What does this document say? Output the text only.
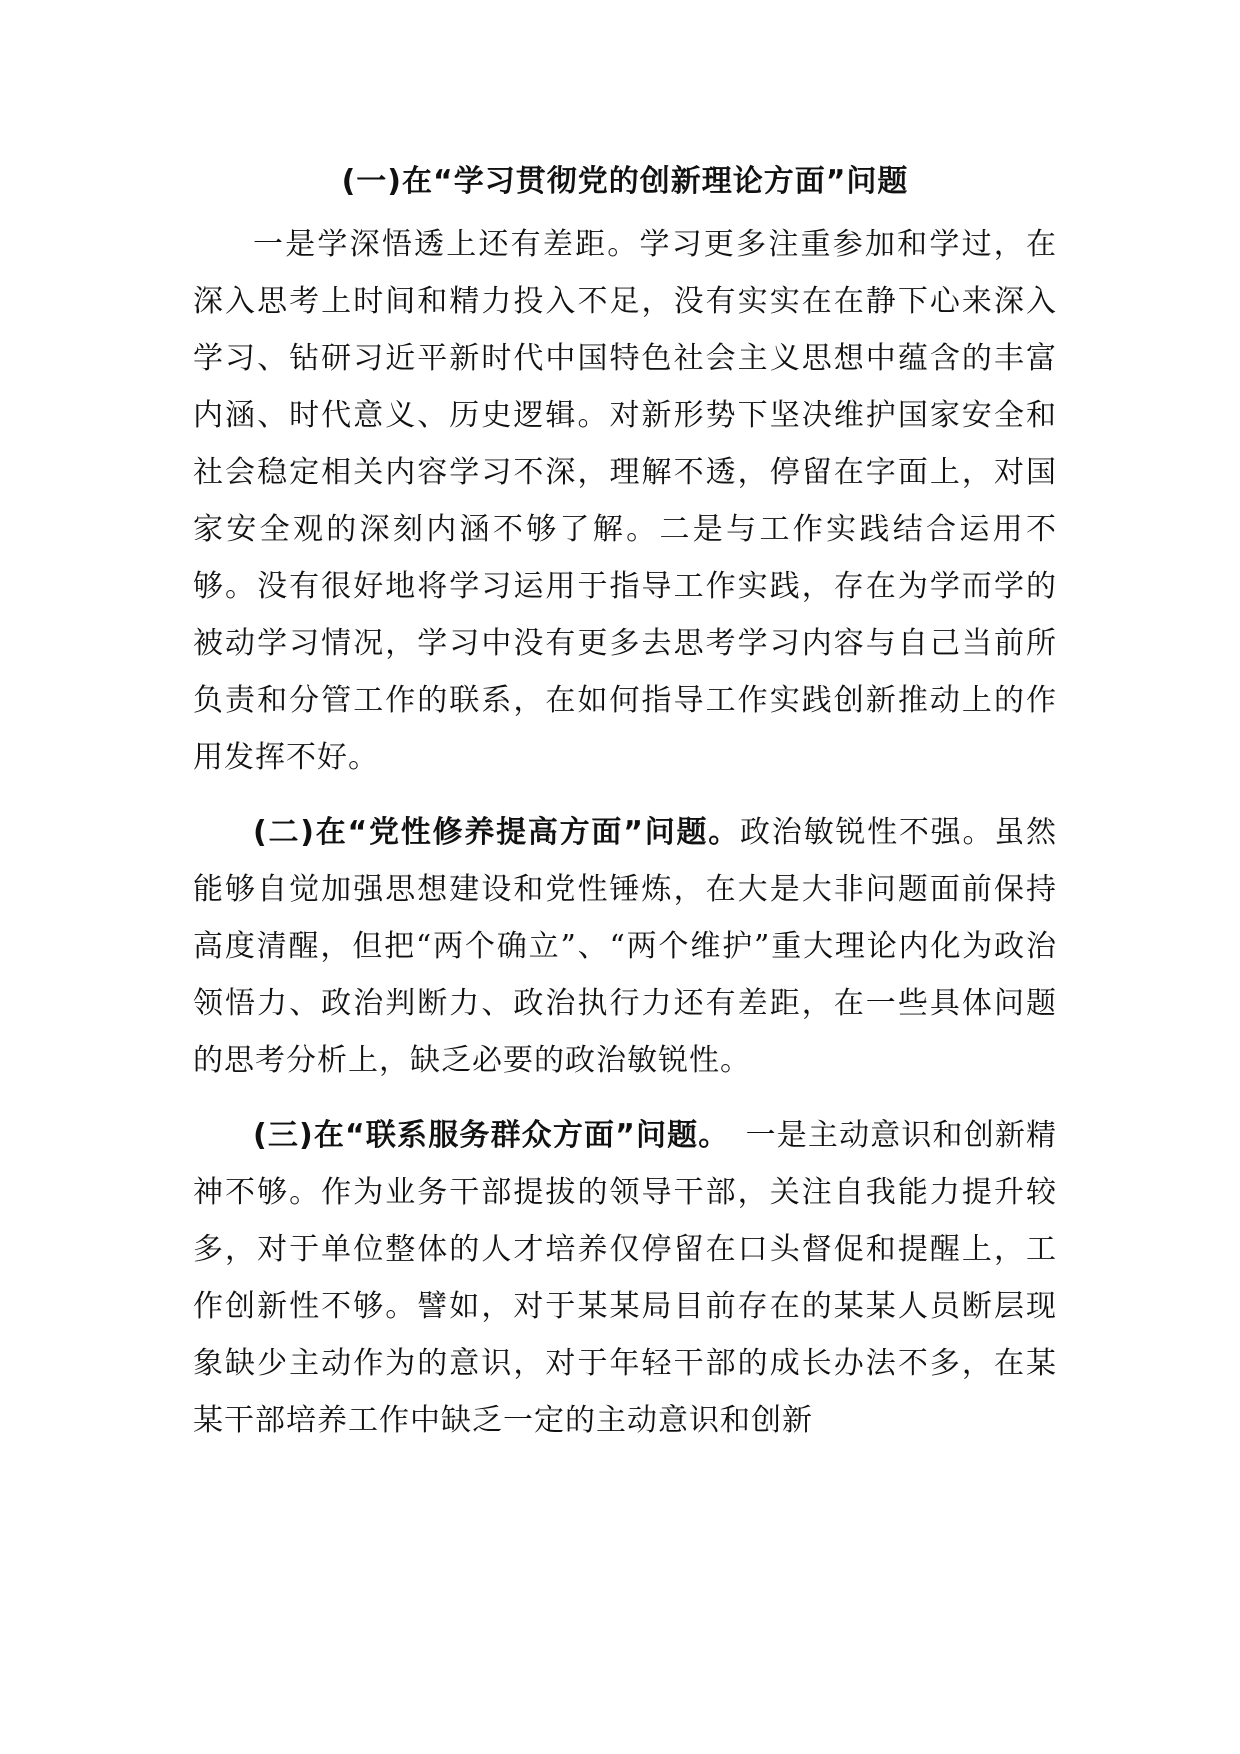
(一)在“学习贯彻党的创新理论方面”问题

一是学深悟透上还有差距。学习更多注重参加和学过，在深入思考上时间和精力投入不足，没有实实在在静下心来深入学习、钻研习近平新时代中国特色社会主义思想中蕴含的丰富内涵、时代意义、历史逻辑。对新形势下坚决维护国家安全和社会稳定相关内容学习不深，理解不透，停留在字面上，对国家安全观的深刻内涵不够了解。二是与工作实践结合运用不够。没有很好地将学习运用于指导工作实践，存在为学而学的被动学习情况，学习中没有更多去思考学习内容与自己当前所负责和分管工作的联系，在如何指导工作实践创新推动上的作用发挥不好。

(二)在“党性修养提高方面”问题。政治敏锐性不强。虽然能够自觉加强思想建设和党性锤炼，在大是大非问题面前保持高度清醒，但把“两个确立”、“两个维护”重大理论内化为政治领悟力、政治判断力、政治执行力还有差距，在一些具体问题的思考分析上，缺乏必要的政治敏锐性。

(三)在“联系服务群众方面”问题。　 一是主动意识和创新精神不够。作为业务干部提拔的领导干部，关注自我能力提升较多，对于单位整体的人才培养仅停留在口头督促和提醒上，工作创新性不够。譬如，对于某某局目前存在的某某人员断层现象缺少主动作为的意识，对于年轻干部的成长办法不多，在某某干部培养工作中缺乏一定的主动意识和创新
